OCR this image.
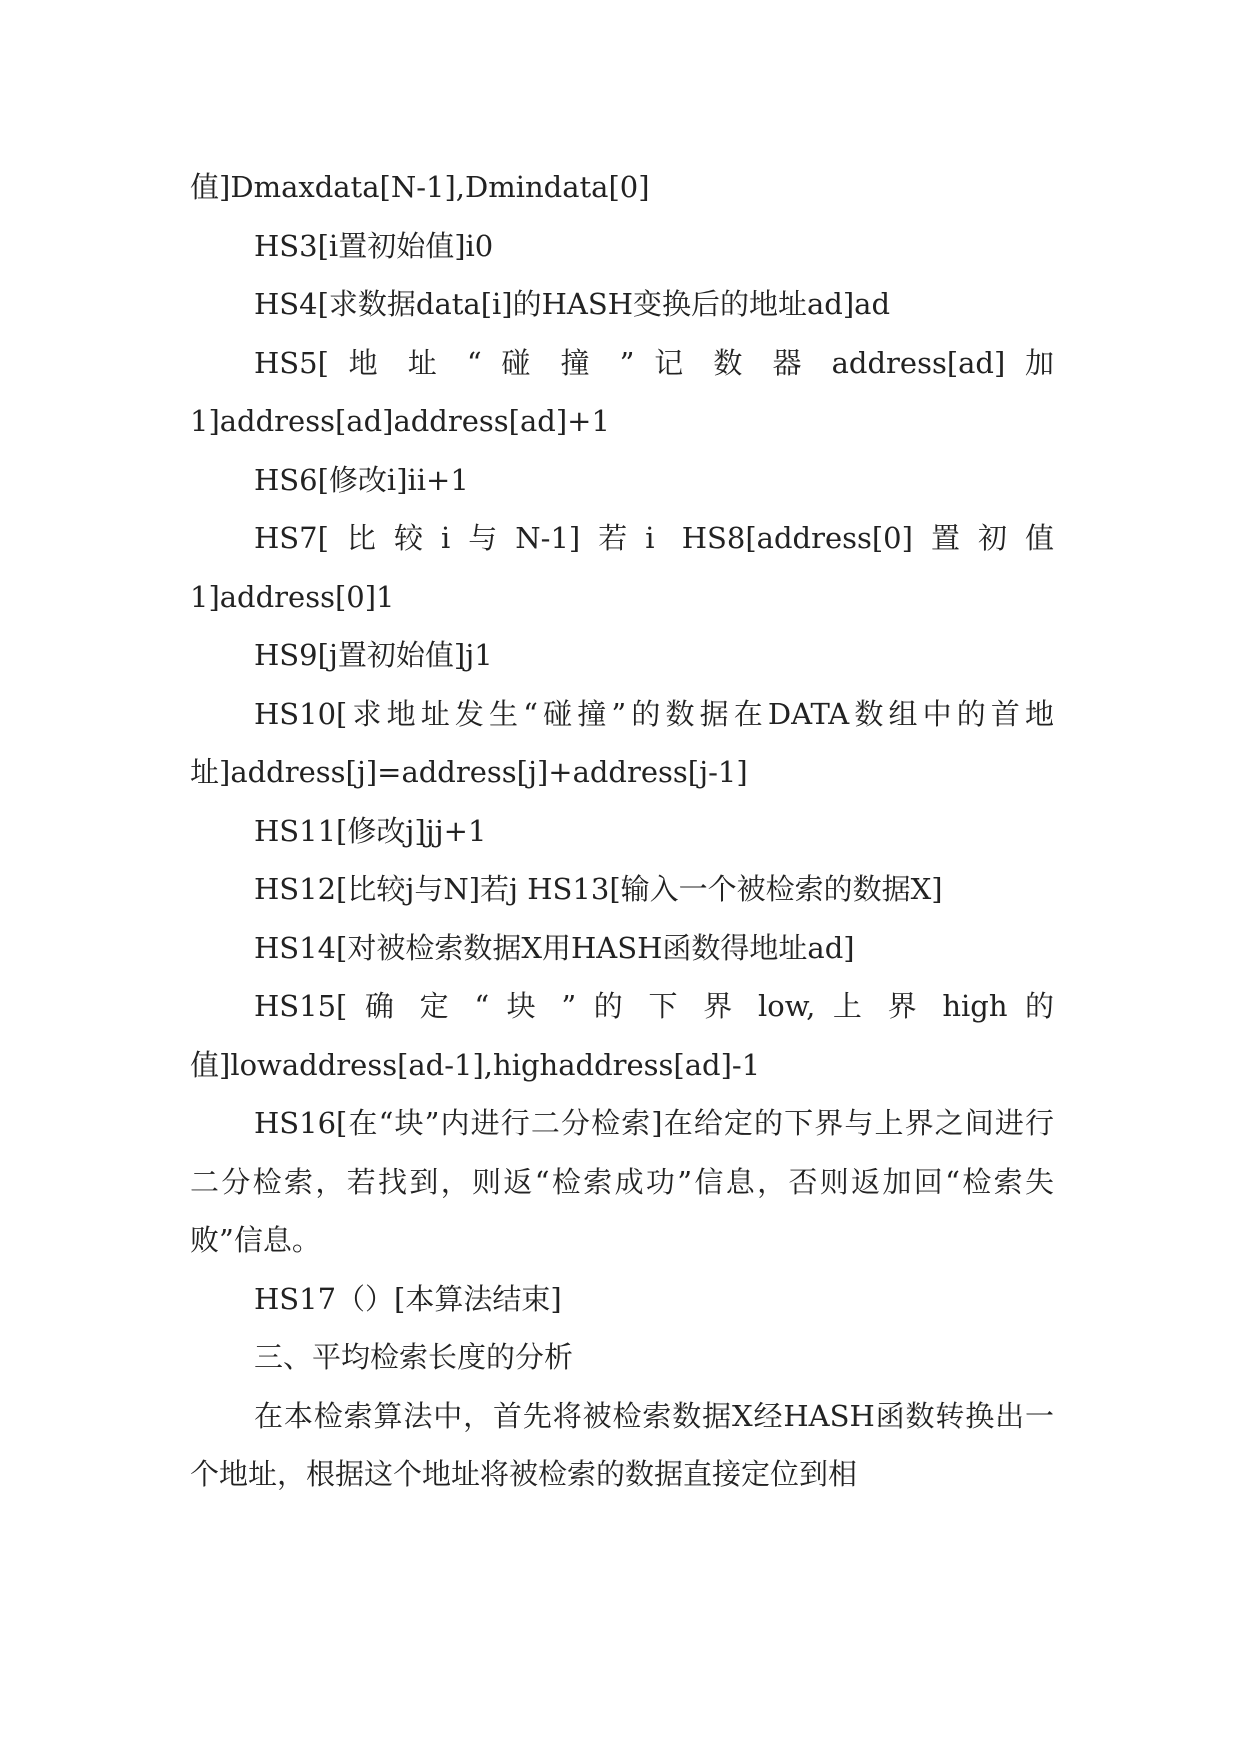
值]Dmaxdata[N-1],Dmindata[0]

HS3[i置初始值]i0

HS4[求数据data[i]的HASH变换后的地址ad]ad

HS5[ 地 址 “ 碰 撞 ” 记 数 器 address[ad] 加1]address[ad]address[ad]+1

HS6[修改i]ii+1

HS7[比较i与N-1]若i HS8[address[0]置初值1]address[0]1

HS9[j置初始值]j1

HS10[求地址发生“碰撞”的数据在DATA数组中的首地址]address[j]=address[j]+address[j-1]

HS11[修改j]jj+1

HS12[比较j与N]若j HS13[输入一个被检索的数据X]

HS14[对被检索数据X用HASH函数得地址ad]

HS15[ 确 定 “ 块 ” 的 下 界 low, 上 界 high 的值]lowaddress[ad-1],highaddress[ad]-1

HS16[在“块”内进行二分检索]在给定的下界与上界之间进行二分检索，若找到，则返“检索成功”信息，否则返加回“检索失败”信息。

HS17（）[本算法结束]

三、平均检索长度的分析

在本检索算法中，首先将被检索数据X经HASH函数转换出一个地址，根据这个地址将被检索的数据直接定位到相
